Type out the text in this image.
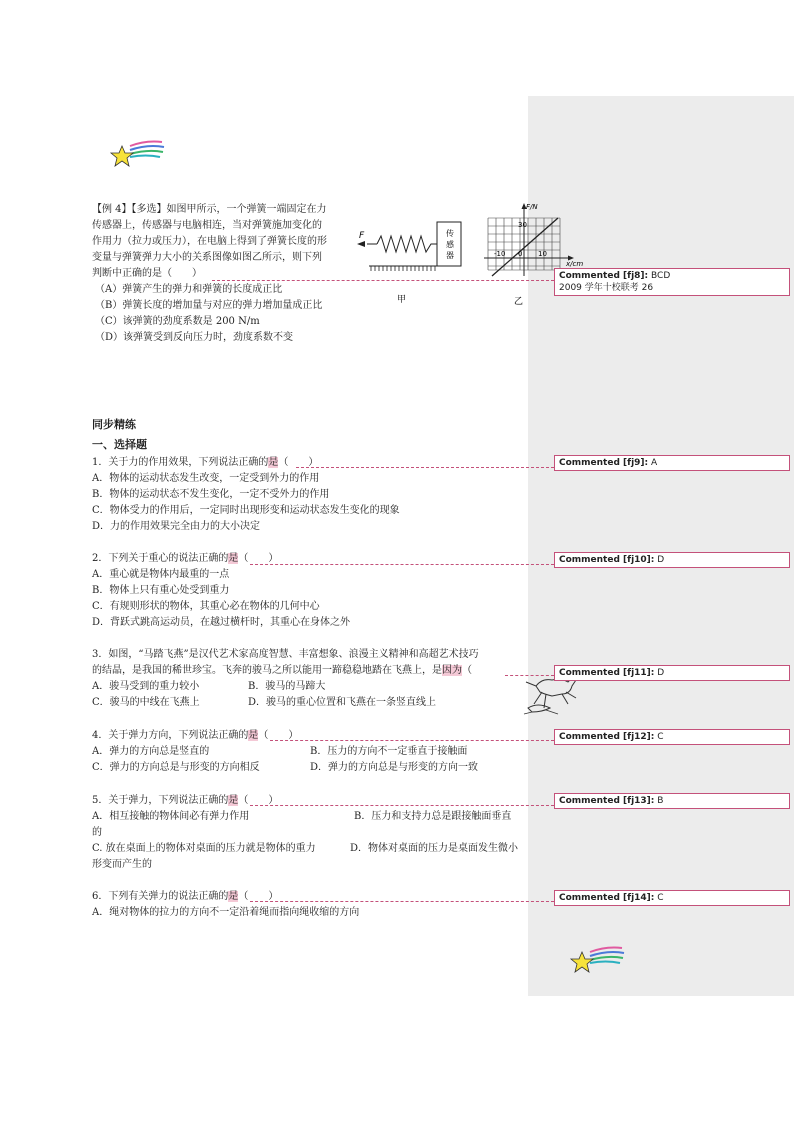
【例 4】【多选】如图甲所示，一个弹簧一端固定在力
传感器上，传感器与电脑相连，当对弹簧施加变化的
作用力（拉力或压力），在电脑上得到了弹簧长度的形
变量与弹簧弹力大小的关系图像如图乙所示，则下列
判断中正确的是（　　）
（A）弹簧产生的弹力和弹簧的长度成正比
（B）弹簧长度的增加量与对应的弹力增加量成正比
（C）该弹簧的劲度系数是 200 N/m
（D）该弹簧受到反向压力时，劲度系数不变
F	传
感
器
甲
F/N
30
-10 0 10
x/cm
乙
同步精练
一、选择题
1．关于力的作用效果，下列说法正确的是（　　）
A．物体的运动状态发生改变，一定受到外力的作用
B．物体的运动状态不发生变化，一定不受外力的作用
C．物体受力的作用后，一定同时出现形变和运动状态发生变化的现象
D．力的作用效果完全由力的大小决定
2．下列关于重心的说法正确的是（　　）
A．重心就是物体内最重的一点
B．物体上只有重心处受到重力
C．有规则形状的物体，其重心必在物体的几何中心
D．背跃式跳高运动员，在越过横杆时，其重心在身体之外
3．如图，“马踏飞燕”是汉代艺术家高度智慧、丰富想象、浪漫主义精神和高超艺术技巧
的结晶，是我国的稀世珍宝。飞奔的骏马之所以能用一蹄稳稳地踏在飞燕上，是因为（
A．骏马受到的重力较小	B．骏马的马蹄大
C．骏马的中线在飞燕上	D．骏马的重心位置和飞燕在一条竖直线上
4．关于弹力方向，下列说法正确的是（　　）
A．弹力的方向总是竖直的	B．压力的方向不一定垂直于接触面
C．弹力的方向总是与形变的方向相反	D．弹力的方向总是与形变的方向一致
5．关于弹力，下列说法正确的是（　　）
A．相互接触的物体间必有弹力作用	B．压力和支持力总是跟接触面垂直
的
C. 放在桌面上的物体对桌面的压力就是物体的重力	D．物体对桌面的压力是桌面发生微小
形变而产生的
6．下列有关弹力的说法正确的是（　　）
A．绳对物体的拉力的方向不一定沿着绳而指向绳收缩的方向
Commented [fj8]: BCD
2009 学年十校联考 26
Commented [fj9]: A
Commented [fj10]: D
Commented [fj11]: D
Commented [fj12]: C
Commented [fj13]: B
Commented [fj14]: C
